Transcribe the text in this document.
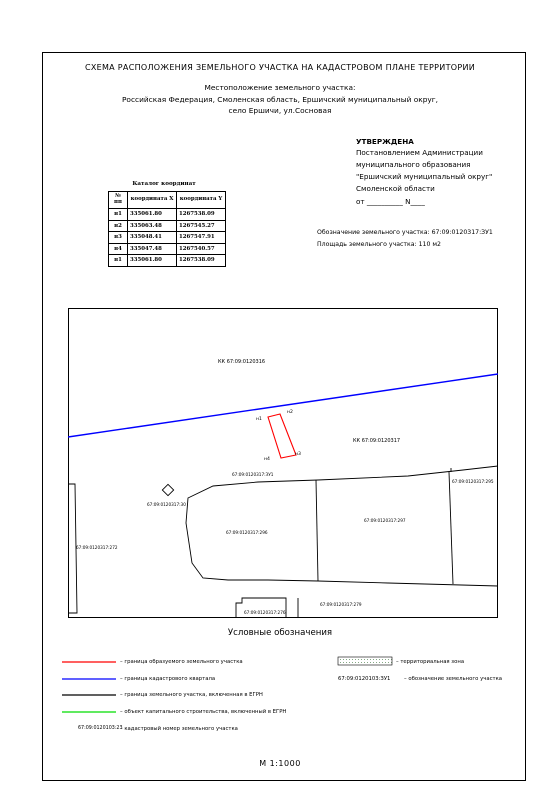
СХЕМА РАСПОЛОЖЕНИЯ ЗЕМЕЛЬНОГО УЧАСТКА НА КАДАСТРОВОМ ПЛАНЕ ТЕРРИТОРИИ
Местоположение земельного участка:
Российская Федерация, Смоленская область, Ершичский муниципальный округ,
село Ершичи, ул.Сосновая
УТВЕРЖДЕНА
Постановлением Администрации
муниципального образования
"Ершичский муниципальный округ"
Смоленской области
от __________ N____
Обозначение земельного участка: 67:09:0120317:ЗУ1
Площадь земельного участка: 110 м2
Каталог координат
№ пп	координата X	координата Y
н1	335061.80	1267538.09
н2	335063.48	1267545.27
н3	335048.41	1267547.91
н4	335047.48	1267540.57
н1	335061.80	1267538.09
КК 67:09:0120316
КК 67:09:0120317
н1
н2
н3
н4
67:09:0120317:ЗУ1
67:09:0120317:30
67:09:0120317:272
67:09:0120317:295
67:09:0120317:296
67:09:0120317:297
67:09:0120317:276
67:09:0120317:279
Условные обозначения
– граница образуемого земельного участка
– граница кадастрового квартала
– граница земельного участка, включенная в ЕГРН
– объект капитального строительства, включенный в ЕГРН
67:09:0120103:23
– кадастровый номер земельного участка
– территориальная зона
67:09:0120103:ЗУ1	– обозначение земельного участка
М 1:1000
